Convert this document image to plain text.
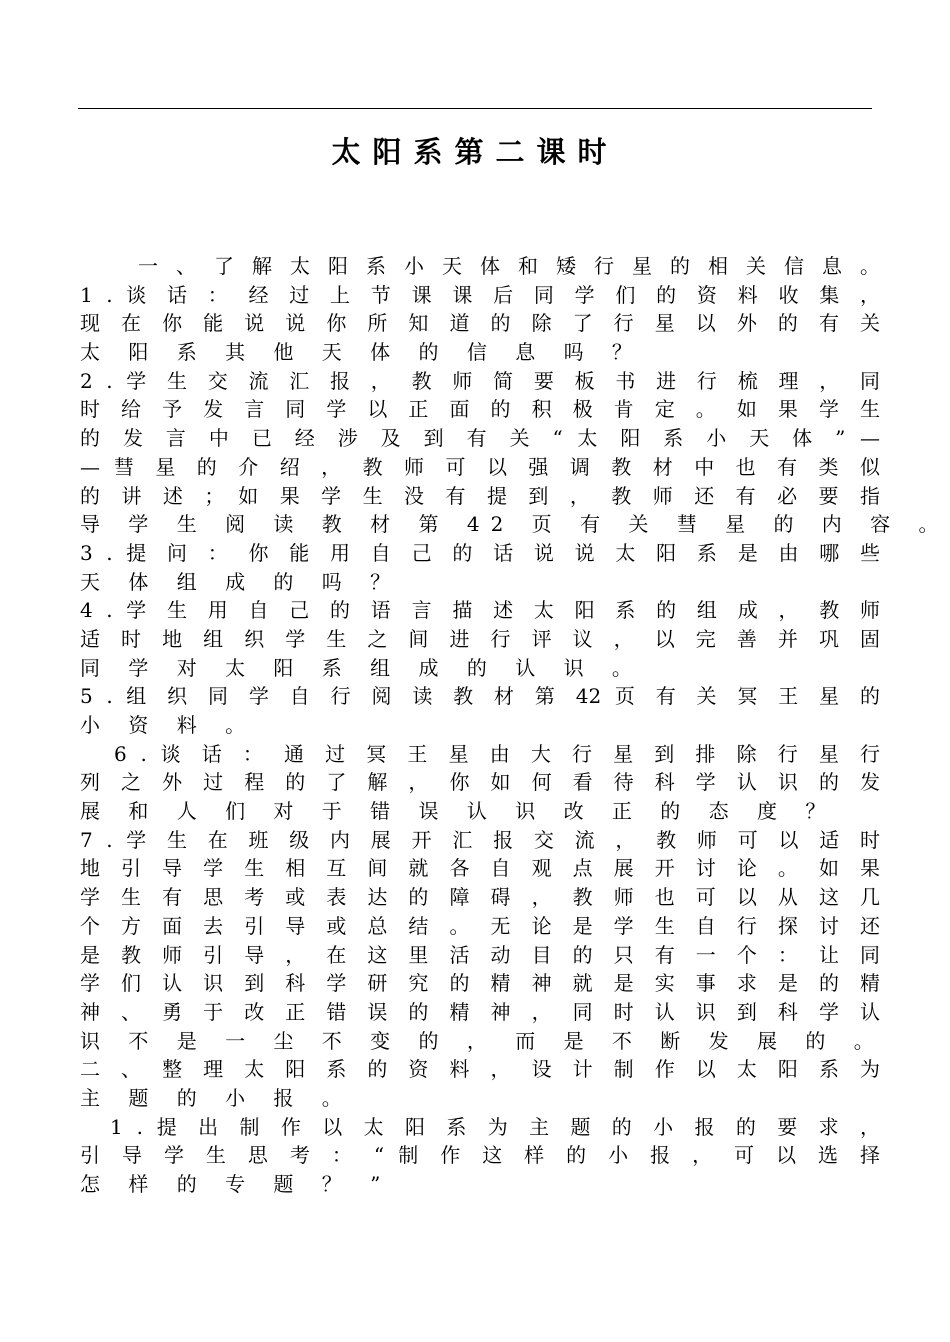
太阳系第二课时
一 、 了 解 太 阳 系 小 天 体 和 矮 行 星 的 相 关 信 息 。
1 . 谈 话 ： 经 过 上 节 课 课 后 同 学 们 的 资 料 收 集 ，
现 在 你 能 说 说 你 所 知 道 的 除 了 行 星 以 外 的 有 关
太 阳 系 其 他 天 体 的 信 息 吗 ？
2 . 学 生 交 流 汇 报 ， 教 师 简 要 板 书 进 行 梳 理 ， 同
时 给 予 发 言 同 学 以 正 面 的 积 极 肯 定 。 如 果 学 生
的 发 言 中 已 经 涉 及 到 有 关 “ 太 阳 系 小 天 体 ” —
— 彗 星 的 介 绍 ， 教 师 可 以 强 调 教 材 中 也 有 类 似
的 讲 述 ； 如 果 学 生 没 有 提 到 ， 教 师 还 有 必 要 指
导 学 生 阅 读 教 材 第 42 页 有 关 彗 星 的 内 容 。
3 . 提 问 ： 你 能 用 自 己 的 话 说 说 太 阳 系 是 由 哪 些
天 体 组 成 的 吗 ？
4 . 学 生 用 自 己 的 语 言 描 述 太 阳 系 的 组 成 ， 教 师
适 时 地 组 织 学 生 之 间 进 行 评 议 ， 以 完 善 并 巩 固
同 学 对 太 阳 系 组 成 的 认 识 。
5 . 组 织 同 学 自 行 阅 读 教 材 第 42 页 有 关 冥 王 星 的
小 资 料 。
6 . 谈 话 ： 通 过 冥 王 星 由 大 行 星 到 排 除 行 星 行
列 之 外 过 程 的 了 解 ， 你 如 何 看 待 科 学 认 识 的 发
展 和 人 们 对 于 错 误 认 识 改 正 的 态 度 ？
7 . 学 生 在 班 级 内 展 开 汇 报 交 流 ， 教 师 可 以 适 时
地 引 导 学 生 相 互 间 就 各 自 观 点 展 开 讨 论 。 如 果
学 生 有 思 考 或 表 达 的 障 碍 ， 教 师 也 可 以 从 这 几
个 方 面 去 引 导 或 总 结 。 无 论 是 学 生 自 行 探 讨 还
是 教 师 引 导 ， 在 这 里 活 动 目 的 只 有 一 个 ： 让 同
学 们 认 识 到 科 学 研 究 的 精 神 就 是 实 事 求 是 的 精
神 、 勇 于 改 正 错 误 的 精 神 ， 同 时 认 识 到 科 学 认
识 不 是 一 尘 不 变 的 ， 而 是 不 断 发 展 的 。
二 、 整 理 太 阳 系 的 资 料 ， 设 计 制 作 以 太 阳 系 为
主 题 的 小 报 。
1 . 提 出 制 作 以 太 阳 系 为 主 题 的 小 报 的 要 求 ，
引 导 学 生 思 考 ： “ 制 作 这 样 的 小 报 ， 可 以 选 择
怎 样 的 专 题 ？ ”
